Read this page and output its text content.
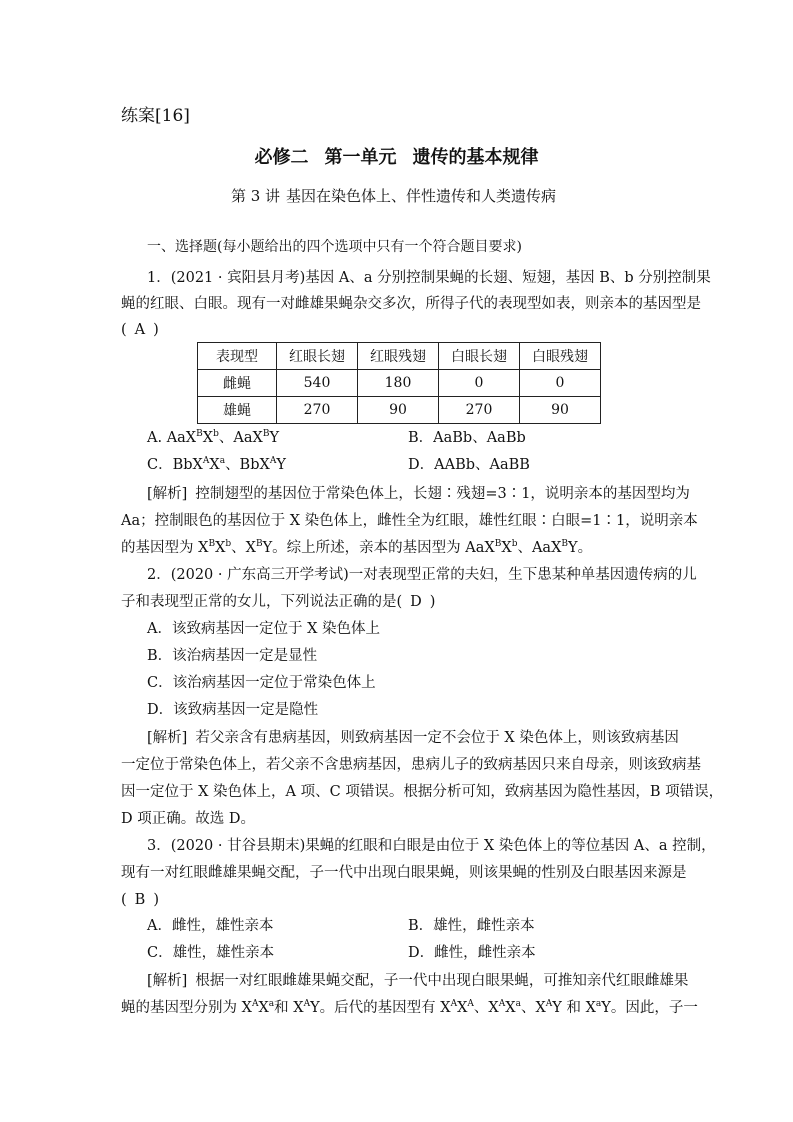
练案[16]
必修二 第一单元 遗传的基本规律
第 3 讲 基因在染色体上、伴性遗传和人类遗传病
一、选择题(每小题给出的四个选项中只有一个符合题目要求)
1．(2021 · 宾阳县月考)基因 A、a 分别控制果蝇的长翅、短翅，基因 B、b 分别控制果
蝇的红眼、白眼。现有一对雌雄果蝇杂交多次，所得子代的表现型如表，则亲本的基因型是
( A )
表现型	红眼长翅	红眼残翅	白眼长翅	白眼残翅
雌蝇	540	180	0	0
雄蝇	270	90	270	90
A. $AaX^BX^b$、AaX$^B$Y	B．AaBb、AaBb
C．$BbX^AX^a$、BbX$^A$Y	D．AABb、AaBB
[解析] 控制翅型的基因位于常染色体上，长翅∶残翅=3∶1，说明亲本的基因型均为
Aa；控制眼色的基因位于 X 染色体上，雌性全为红眼，雄性红眼∶白眼=1∶1，说明亲本
的基因型为 $X^BX^b$、$X^BY$。综上所述，亲本的基因型为 $AaX^BX^b$、AaX$^B$Y。
2．(2020 · 广东高三开学考试)一对表现型正常的夫妇，生下患某种单基因遗传病的儿
子和表现型正常的女儿，下列说法正确的是( D )
A．该致病基因一定位于 X 染色体上
B．该治病基因一定是显性
C．该治病基因一定位于常染色体上
D．该致病基因一定是隐性
[解析] 若父亲含有患病基因，则致病基因一定不会位于 X 染色体上，则该致病基因
一定位于常染色体上，若父亲不含患病基因，患病儿子的致病基因只来自母亲，则该致病基
因一定位于 X 染色体上，A 项、C 项错误。根据分析可知，致病基因为隐性基因，B 项错误，
D 项正确。故选 D。
3．(2020 · 甘谷县期末)果蝇的红眼和白眼是由位于 X 染色体上的等位基因 A、a 控制，
现有一对红眼雌雄果蝇交配，子一代中出现白眼果蝇，则该果蝇的性别及白眼基因来源是
( B )
A．雌性，雄性亲本	B．雄性，雌性亲本
C．雄性，雄性亲本	D．雌性，雌性亲本
[解析] 根据一对红眼雌雄果蝇交配，子一代中出现白眼果蝇，可推知亲代红眼雌雄果
蝇的基因型分别为 $X^AX^a$和 $X^AY$。后代的基因型有 $X^AX^A$、$X^AX^a$、$X^AY$ 和 $X^aY$。因此，子一
